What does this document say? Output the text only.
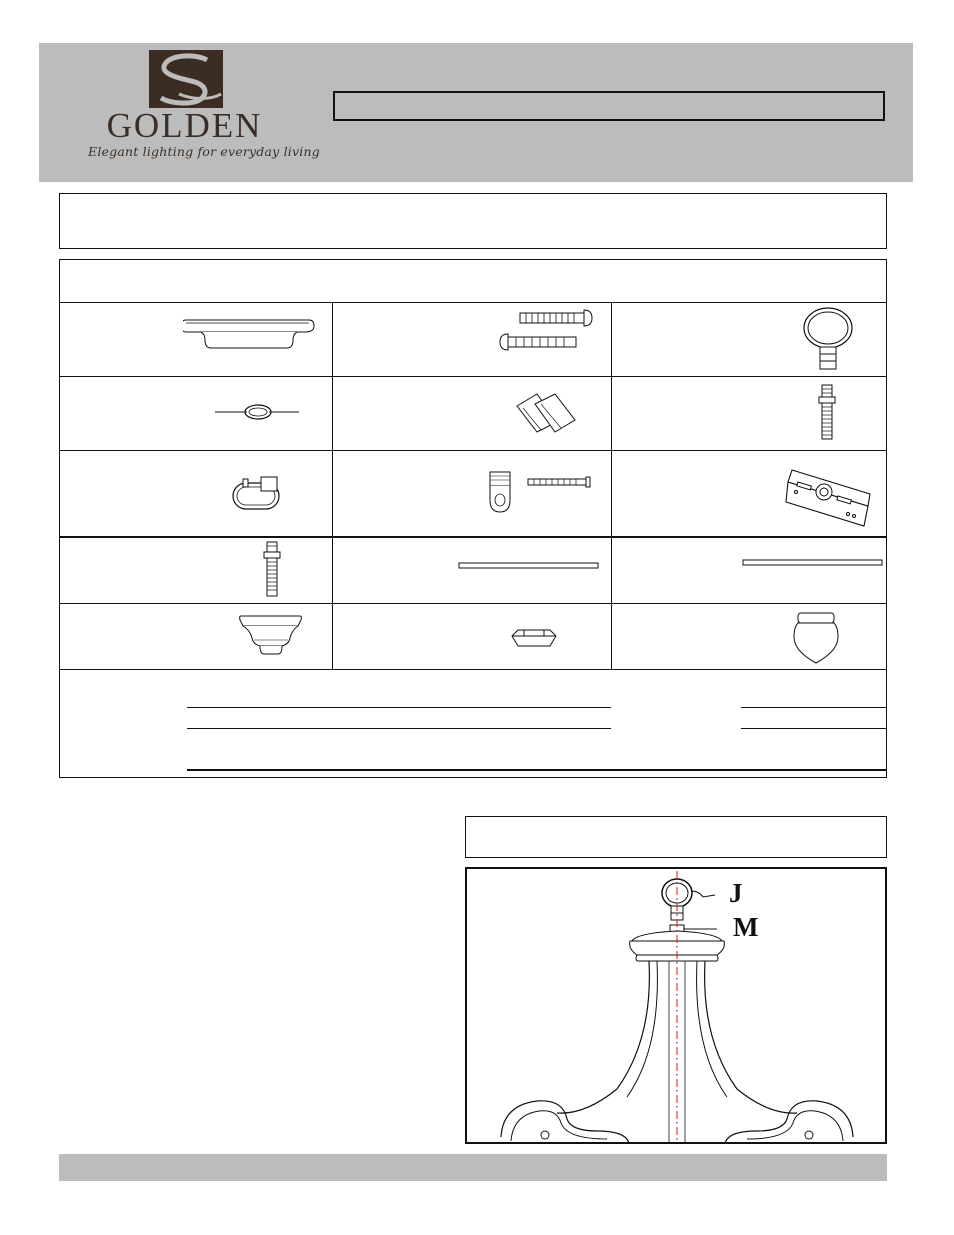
GOLDEN
Elegant lighting for everyday living
J
M
